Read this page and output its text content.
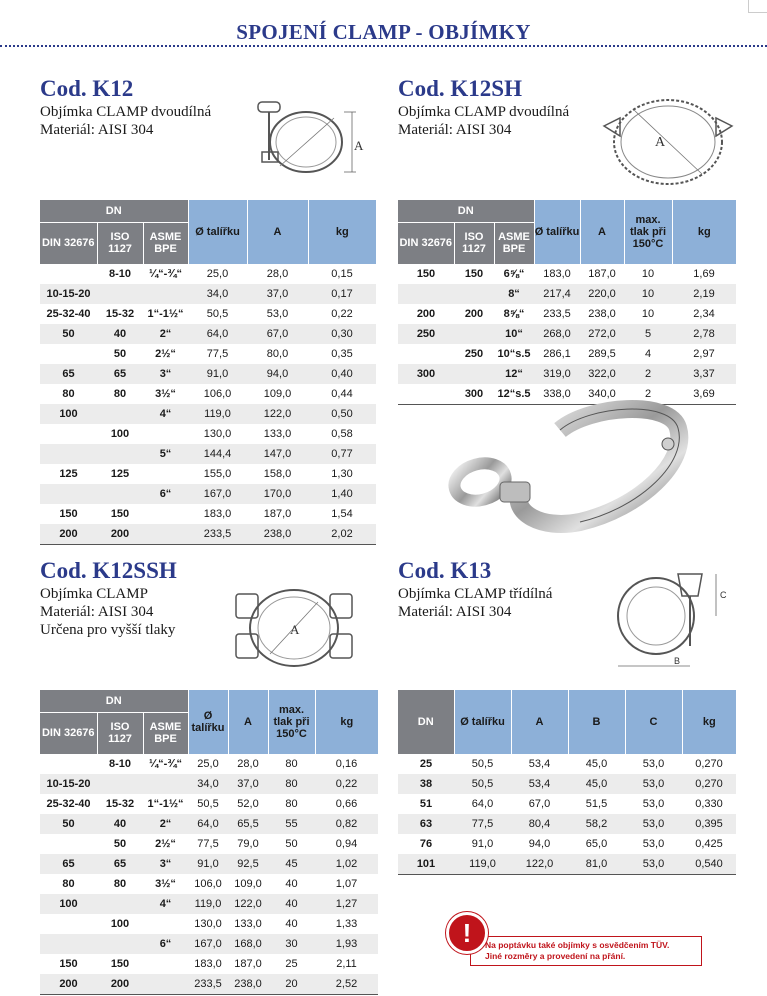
SPOJENÍ CLAMP - OBJÍMKY
Cod. K12
Objímka CLAMP dvoudílná
Materiál: AISI 304
A
DN			Ø talířku	A	kg
DIN 32676	ISO 1127	ASME BPE			
	8-10	¼“-¾“	25,0	28,0	0,15
10-15-20			34,0	37,0	0,17
25-32-40	15-32	1“-1½“	50,5	53,0	0,22
50	40	2“	64,0	67,0	0,30
	50	2½“	77,5	80,0	0,35
65	65	3“	91,0	94,0	0,40
80	80	3½“	106,0	109,0	0,44
100		4“	119,0	122,0	0,50
	100		130,0	133,0	0,58
		5“	144,4	147,0	0,77
125	125		155,0	158,0	1,30
		6“	167,0	170,0	1,40
150	150		183,0	187,0	1,54
200	200		233,5	238,0	2,02
Cod. K12SH
Objímka CLAMP dvoudílná
Materiál: AISI 304
A
DN			Ø talířku	A	max. tlak při 150°C	kg
DIN 32676	ISO 1127	ASME BPE				
150	150	6⅝“	183,0	187,0	10	1,69
		8“	217,4	220,0	10	2,19
200	200	8⅝“	233,5	238,0	10	2,34
250		10“	268,0	272,0	5	2,78
	250	10“s.5	286,1	289,5	4	2,97
300		12“	319,0	322,0	2	3,37
	300	12“s.5	338,0	340,0	2	3,69
Cod. K12SSH
Objímka CLAMP
Materiál: AISI 304
Určena pro vyšší tlaky	A
DN			Ø talířku	A	max. tlak při 150°C	kg
DIN 32676	ISO 1127	ASME BPE				
	8-10	¼“-¾“	25,0	28,0	80	0,16
10-15-20			34,0	37,0	80	0,22
25-32-40	15-32	1“-1½“	50,5	52,0	80	0,66
50	40	2“	64,0	65,5	55	0,82
	50	2½“	77,5	79,0	50	0,94
65	65	3“	91,0	92,5	45	1,02
80	80	3½“	106,0	109,0	40	1,07
100		4“	119,0	122,0	40	1,27
	100		130,0	133,0	40	1,33
		6“	167,0	168,0	30	1,93
150	150		183,0	187,0	25	2,11
200	200		233,5	238,0	20	2,52
Cod. K13
Objímka CLAMP třídílná
Materiál: AISI 304
C
B
DN	Ø talířku	A	B	C	kg
25	50,5	53,4	45,0	53,0	0,270
38	50,5	53,4	45,0	53,0	0,270
51	64,0	67,0	51,5	53,0	0,330
63	77,5	80,4	58,2	53,0	0,395
76	91,0	94,0	65,0	53,0	0,425
101	119,0	122,0	81,0	53,0	0,540
Na poptávku také objímky s osvědčením TÜV.
Jiné rozměry a provedení na přání.
!
